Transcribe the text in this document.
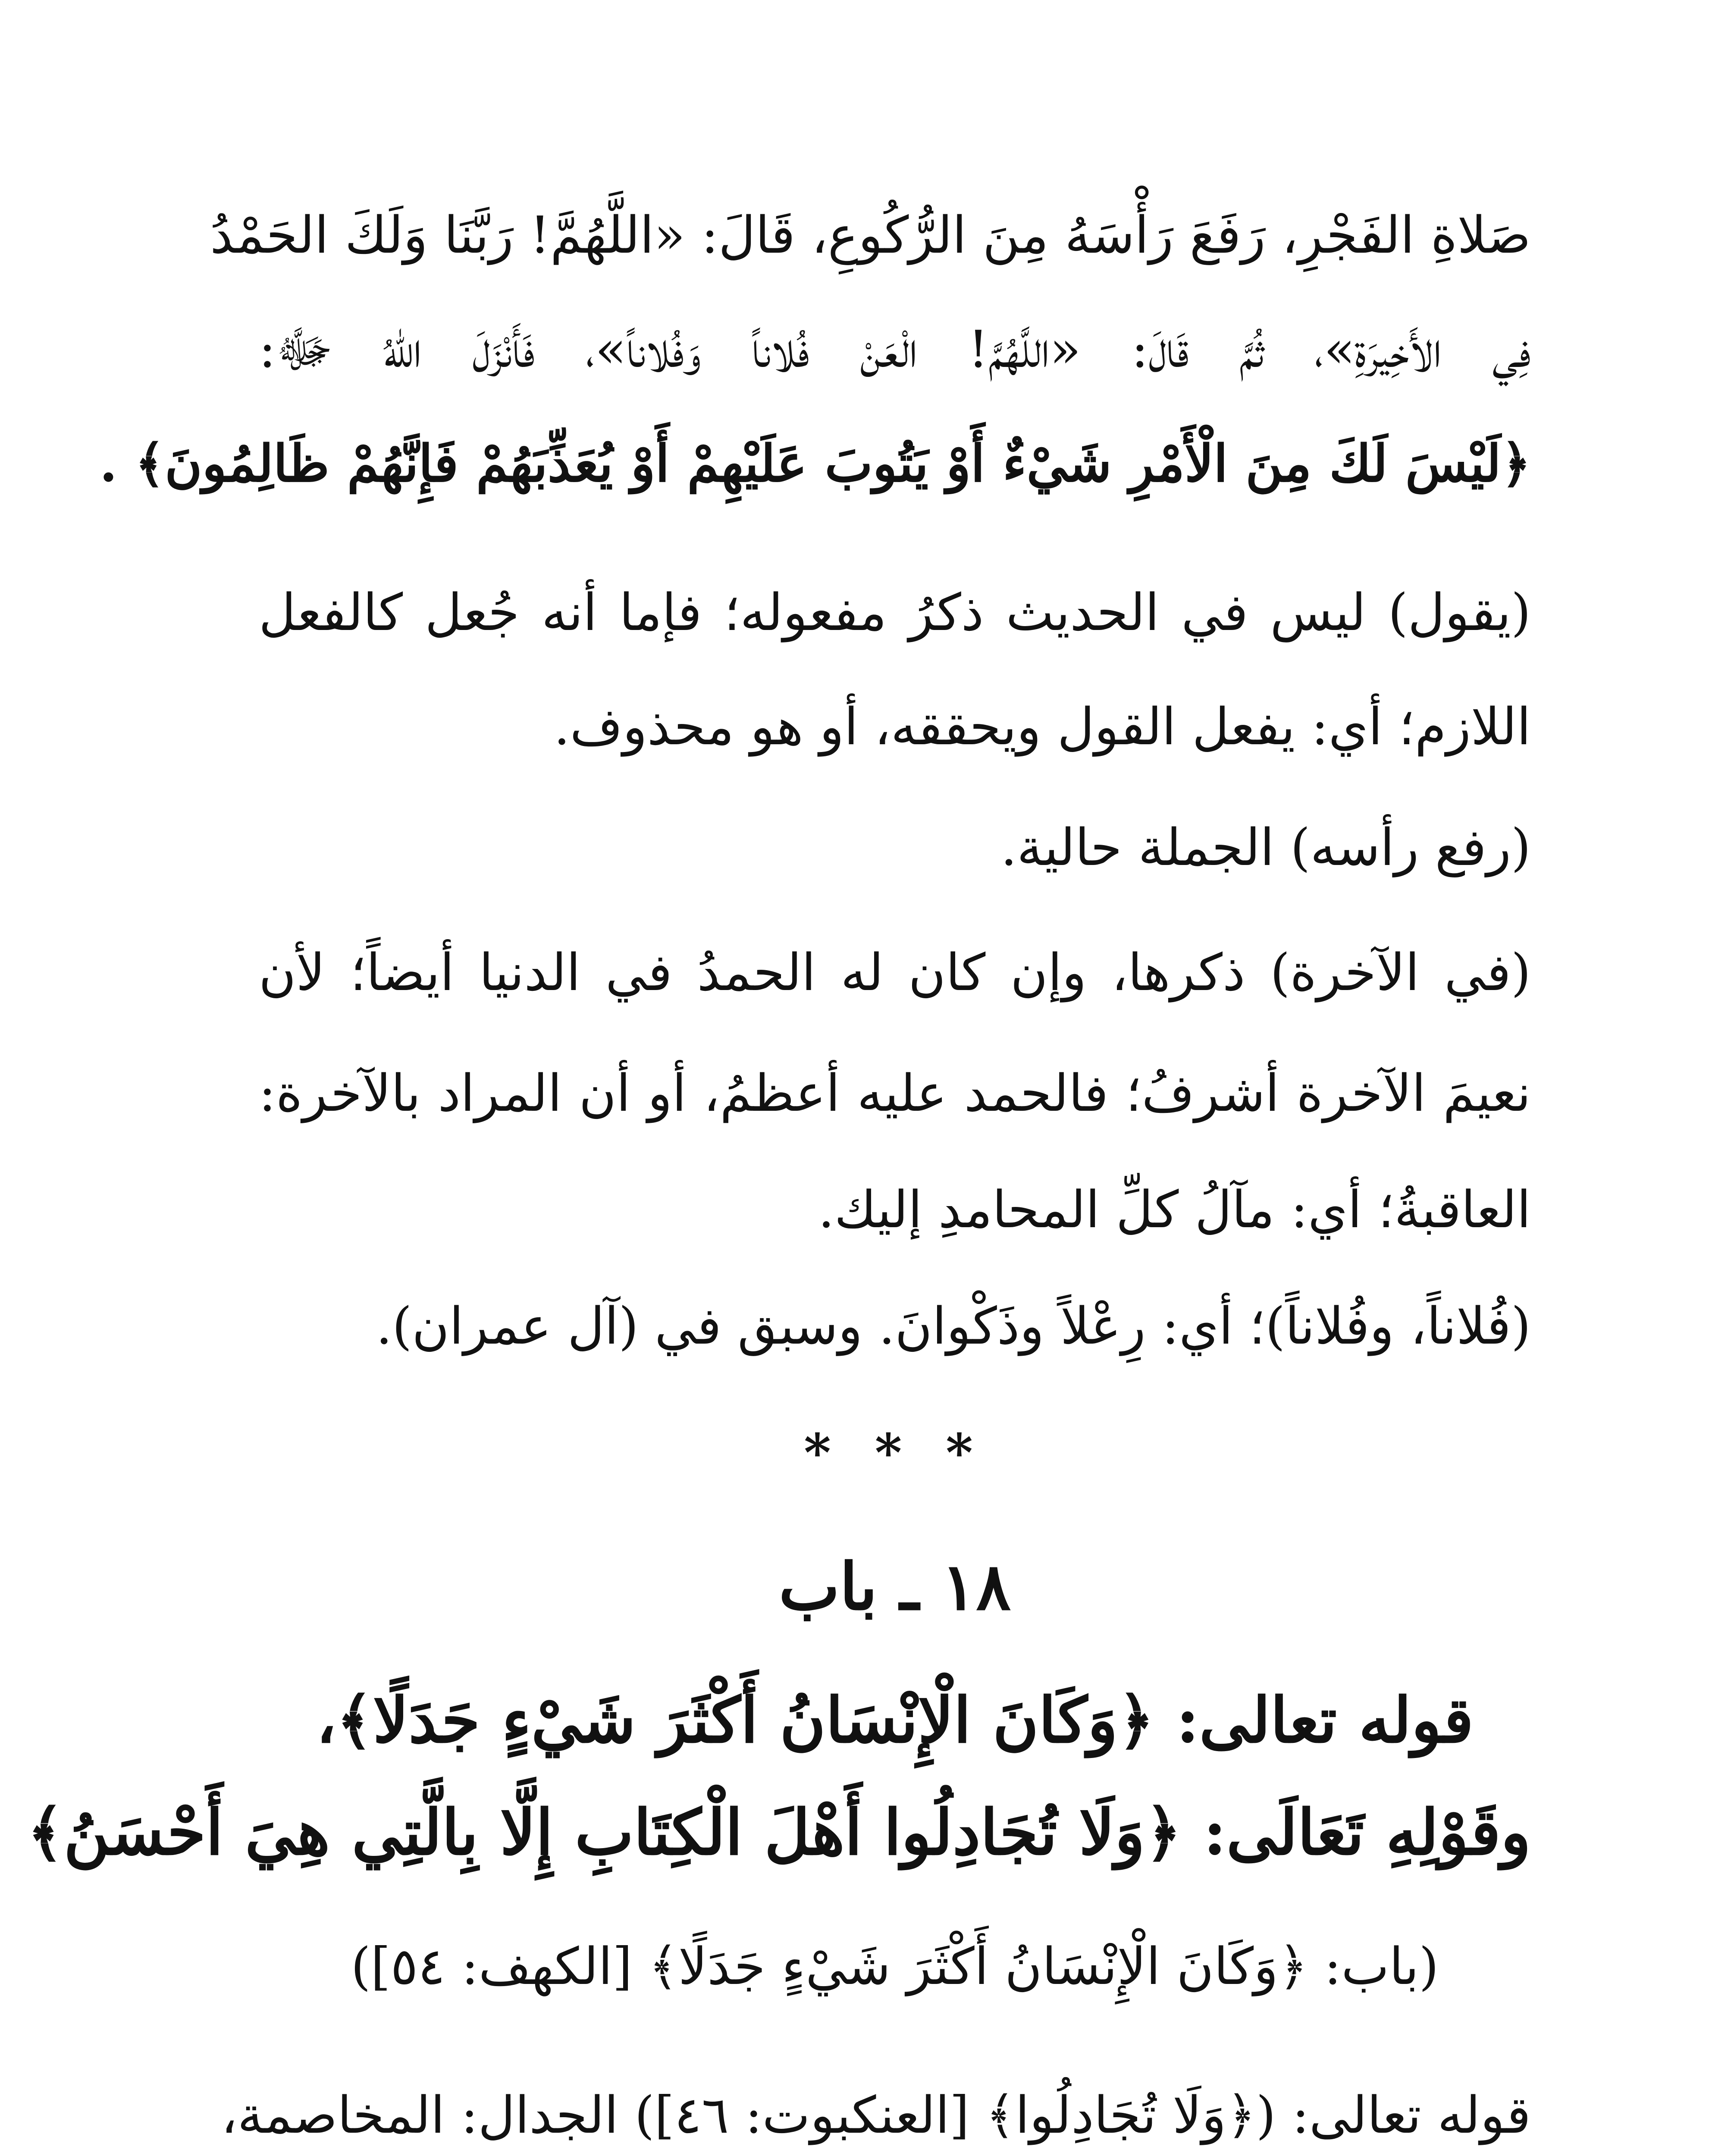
صَلاةِ الفَجْرِ، رَفَعَ رَأْسَهُ مِنَ الرُّكُوعِ، قَالَ: «اللَّهُمَّ! رَبَّنَا وَلَكَ الحَمْدُ
فِي الأَخِيرَةِ»، ثُمَّ قَالَ: «اللَّهُمَّ! الْعَنْ فُلاناً وَفُلاناً»، فَأَنْزَلَ اللهُ ﷻ:
﴿لَيْسَ لَكَ مِنَ الْأَمْرِ شَيْءٌ أَوْ يَتُوبَ عَلَيْهِمْ أَوْ يُعَذِّبَهُمْ فَإِنَّهُمْ ظَالِمُونَ﴾ .
(يقول) ليس في الحديث ذكرُ مفعوله؛ فإما أنه جُعل كالفعل
اللازم؛ أي: يفعل القول ويحققه، أو هو محذوف.
(رفع رأسه) الجملة حالية.
(في الآخرة) ذكرها، وإن كان له الحمدُ في الدنيا أيضاً؛ لأن
نعيمَ الآخرة أشرفُ؛ فالحمد عليه أعظمُ، أو أن المراد بالآخرة:
العاقبةُ؛ أي: مآلُ كلِّ المحامدِ إليك.
(فُلاناً، وفُلاناً)؛ أي: رِعْلاً وذَكْوانَ. وسبق في (آل عمران).
* * *
١٨ ـ باب
قوله تعالى: ﴿وَكَانَ الْإِنْسَانُ أَكْثَرَ شَيْءٍ جَدَلًا﴾،
وقَوْلِهِ تَعَالَى: ﴿وَلَا تُجَادِلُوا أَهْلَ الْكِتَابِ إِلَّا بِالَّتِي هِيَ أَحْسَنُ﴾
(باب: ﴿وَكَانَ الْإِنْسَانُ أَكْثَرَ شَيْءٍ جَدَلًا﴾ [الكهف: ٥٤])
قوله تعالى: (﴿وَلَا تُجَادِلُوا﴾ [العنكبوت: ٤٦]) الجدال: المخاصمة،
